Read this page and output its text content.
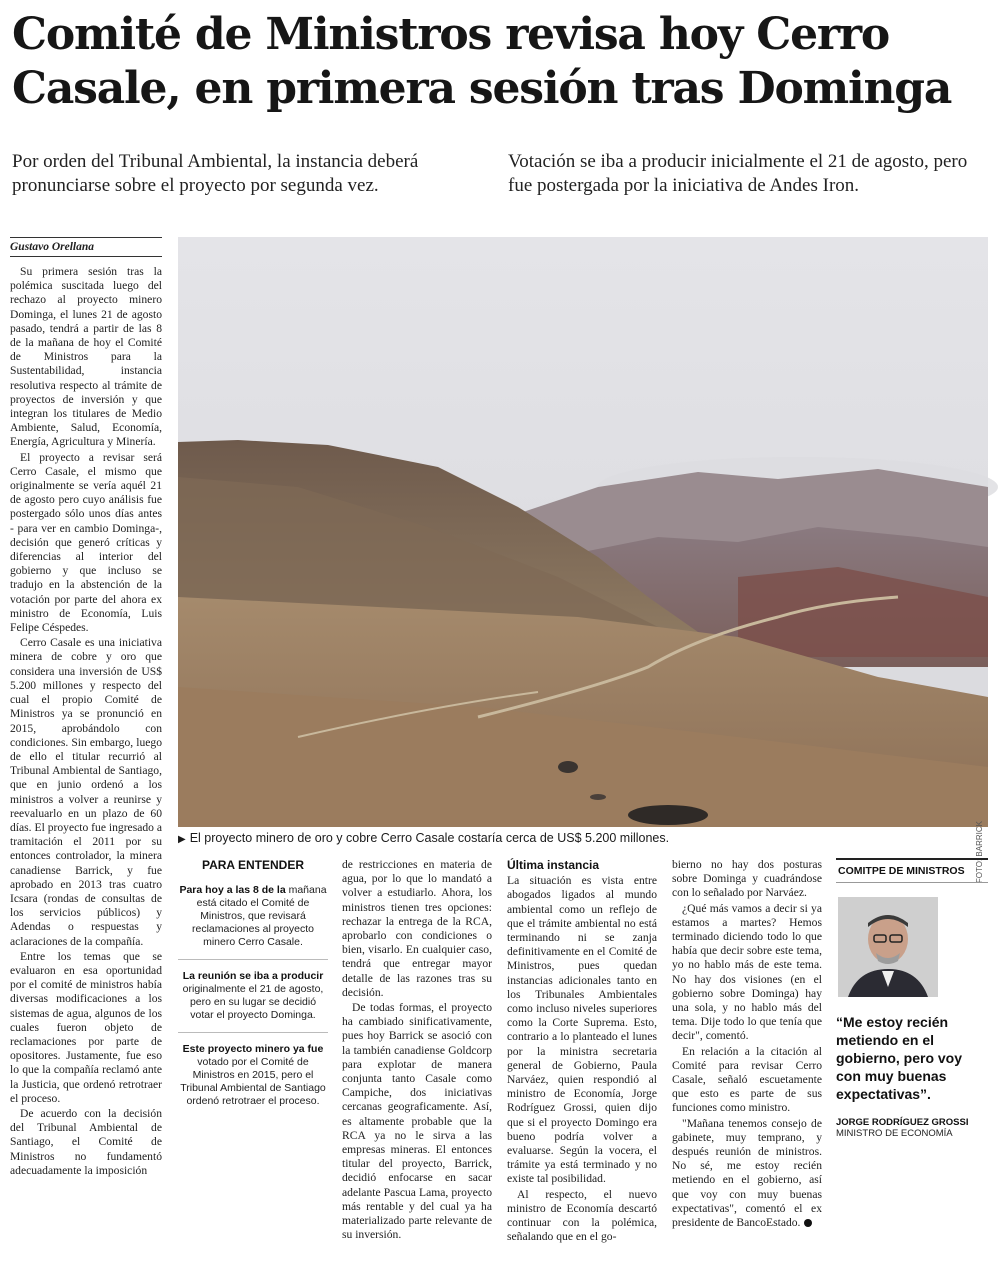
Comité de Ministros revisa hoy Cerro Casale, en primera sesión tras Dominga

Por orden del Tribunal Ambiental, la instancia deberá pronunciarse sobre el proyecto por segunda vez.

Votación se iba a producir inicialmente el 21 de agosto, pero fue postergada por la iniciativa de Andes Iron.

Gustavo Orellana

Su primera sesión tras la polémica suscitada luego del rechazo al proyecto minero Dominga, el lunes 21 de agosto pasado, tendrá a partir de las 8 de la mañana de hoy el Comité de Ministros para la Sustentabilidad, instancia resolutiva respecto al trámite de proyectos de inversión y que integran los titulares de Medio Ambiente, Salud, Economía, Energía, Agricultura y Minería.

El proyecto a revisar será Cerro Casale, el mismo que originalmente se vería aquél 21 de agosto pero cuyo análisis fue postergado sólo unos días antes - para ver en cambio Dominga-, decisión que generó críticas y diferencias al interior del gobierno y que incluso se tradujo en la abstención de la votación por parte del ahora ex ministro de Economía, Luis Felipe Céspedes.

Cerro Casale es una iniciativa minera de cobre y oro que considera una inversión de US$ 5.200 millones y respecto del cual el propio Comité de Ministros ya se pronunció en 2015, aprobándolo con condiciones. Sin embargo, luego de ello el titular recurrió al Tribunal Ambiental de Santiago, que en junio ordenó a los ministros a volver a reunirse y reevaluarlo en un plazo de 60 días. El proyecto fue ingresado a tramitación el 2011 por su entonces controlador, la minera canadiense Barrick, y fue aprobado en 2013 tras cuatro Icsara (rondas de consultas de los servicios públicos) y Adendas o respuestas y aclaraciones de la compañía.

Entre los temas que se evaluaron en esa oportunidad por el comité de ministros había diversas modificaciones a los sistemas de agua, algunos de los cuales fueron objeto de reclamaciones por parte de opositores. Justamente, fue eso lo que la compañía reclamó ante la Justicia, que ordenó retrotraer el proceso.

De acuerdo con la decisión del Tribunal Ambiental de Santiago, el Comité de Ministros no fundamentó adecuadamente la imposición

FOTO: BARRICK
▶ El proyecto minero de oro y cobre Cerro Casale costaría cerca de US$ 5.200 millones.
PARA ENTENDER
Para hoy a las 8 de la mañana está citado el Comité de Ministros, que revisará reclamaciones al proyecto minero Cerro Casale.
La reunión se iba a producir originalmente el 21 de agosto, pero en su lugar se decidió votar el proyecto Dominga.
Este proyecto minero ya fue votado por el Comité de Ministros en 2015, pero el Tribunal Ambiental de Santiago ordenó retrotraer el proceso.

de restricciones en materia de agua, por lo que lo mandató a volver a estudiarlo. Ahora, los ministros tienen tres opciones: rechazar la entrega de la RCA, aprobarlo con condiciones o bien, visarlo. En cualquier caso, tendrá que entregar mayor detalle de las razones tras su decisión.

De todas formas, el proyecto ha cambiado sinificativamente, pues hoy Barrick se asoció con la también canadiense Goldcorp para explotar de manera conjunta tanto Casale como Campiche, dos iniciativas cercanas geograficamente. Así, es altamente probable que la RCA ya no le sirva a las empresas mineras. El entonces titular del proyecto, Barrick, decidió enfocarse en sacar adelante Pascua Lama, proyecto más rentable y del cual ya ha materializado parte relevante de su inversión.

Última instancia

La situación es vista entre abogados ligados al mundo ambiental como un reflejo de que el trámite ambiental no está terminando ni se zanja definitivamente en el Comité de Ministros, pues quedan instancias adicionales tanto en los Tribunales Ambientales como incluso niveles superiores como la Corte Suprema. Esto, contrario a lo planteado el lunes por la ministra secretaria general de Gobierno, Paula Narváez, quien respondió al ministro de Economía, Jorge Rodríguez Grossi, quien dijo que si el proyecto Domingo era bueno podría volver a evaluarse. Según la vocera, el trámite ya está terminado y no existe tal posibilidad.

Al respecto, el nuevo ministro de Economía descartó continuar con la polémica, señalando que en el go-

bierno no hay dos posturas sobre Dominga y cuadrándose con lo señalado por Narváez.

¿Qué más vamos a decir si ya estamos a martes? Hemos terminado diciendo todo lo que había que decir sobre este tema, yo no hablo más de este tema. No hay dos visiones (en el gobierno sobre Dominga) hay una sola, y no hablo más del tema. Dije todo lo que tenía que decir", comentó.

En relación a la citación al Comité para revisar Cerro Casale, señaló escuetamente que esto es parte de sus funciones como ministro.

"Mañana tenemos consejo de gabinete, muy temprano, y después reunión de ministros. No sé, me estoy recién metiendo en el gobierno, así que voy con muy buenas expectativas", comentó el ex presidente de BancoEstado.

COMITPE DE MINISTROS
“Me estoy recién metiendo en el gobierno, pero voy con muy buenas expectativas”.
JORGE RODRÍGUEZ GROSSI
MINISTRO DE ECONOMÍA
